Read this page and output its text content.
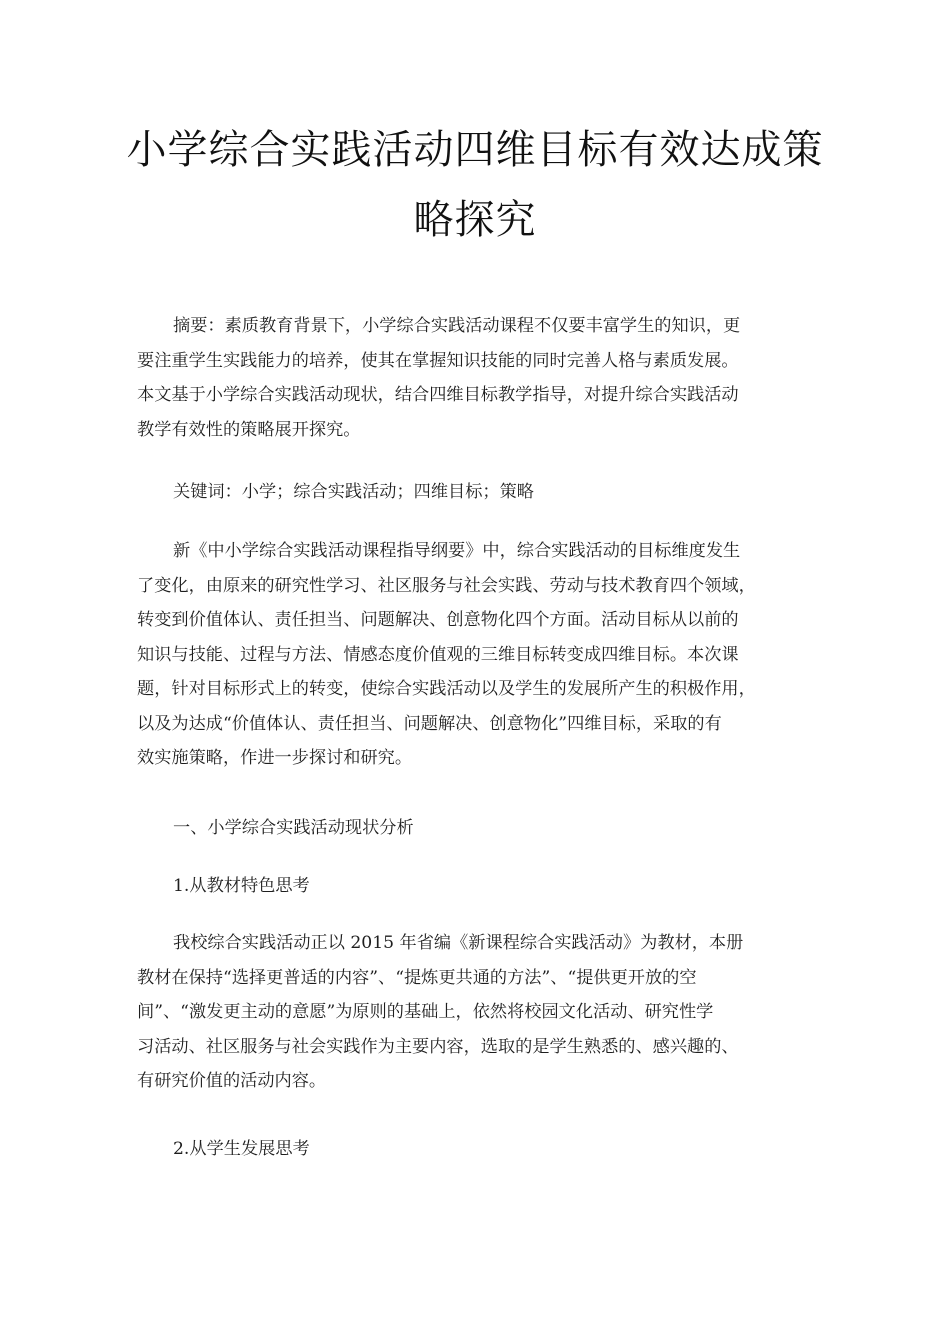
小学综合实践活动四维目标有效达成策
略探究
摘要：素质教育背景下，小学综合实践活动课程不仅要丰富学生的知识，更
要注重学生实践能力的培养，使其在掌握知识技能的同时完善人格与素质发展。
本文基于小学综合实践活动现状，结合四维目标教学指导，对提升综合实践活动
教学有效性的策略展开探究。
关键词：小学；综合实践活动；四维目标；策略
新《中小学综合实践活动课程指导纲要》中，综合实践活动的目标维度发生
了变化，由原来的研究性学习、社区服务与社会实践、劳动与技术教育四个领域，
转变到价值体认、责任担当、问题解决、创意物化四个方面。活动目标从以前的
知识与技能、过程与方法、情感态度价值观的三维目标转变成四维目标。本次课
题，针对目标形式上的转变，使综合实践活动以及学生的发展所产生的积极作用，
以及为达成“价值体认、责任担当、问题解决、创意物化”四维目标，采取的有
效实施策略，作进一步探讨和研究。
一、小学综合实践活动现状分析
1.从教材特色思考
我校综合实践活动正以 2015 年省编《新课程综合实践活动》为教材，本册
教材在保持“选择更普适的内容”、“提炼更共通的方法”、“提供更开放的空
间”、“激发更主动的意愿”为原则的基础上，依然将校园文化活动、研究性学
习活动、社区服务与社会实践作为主要内容，选取的是学生熟悉的、感兴趣的、
有研究价值的活动内容。
2.从学生发展思考
